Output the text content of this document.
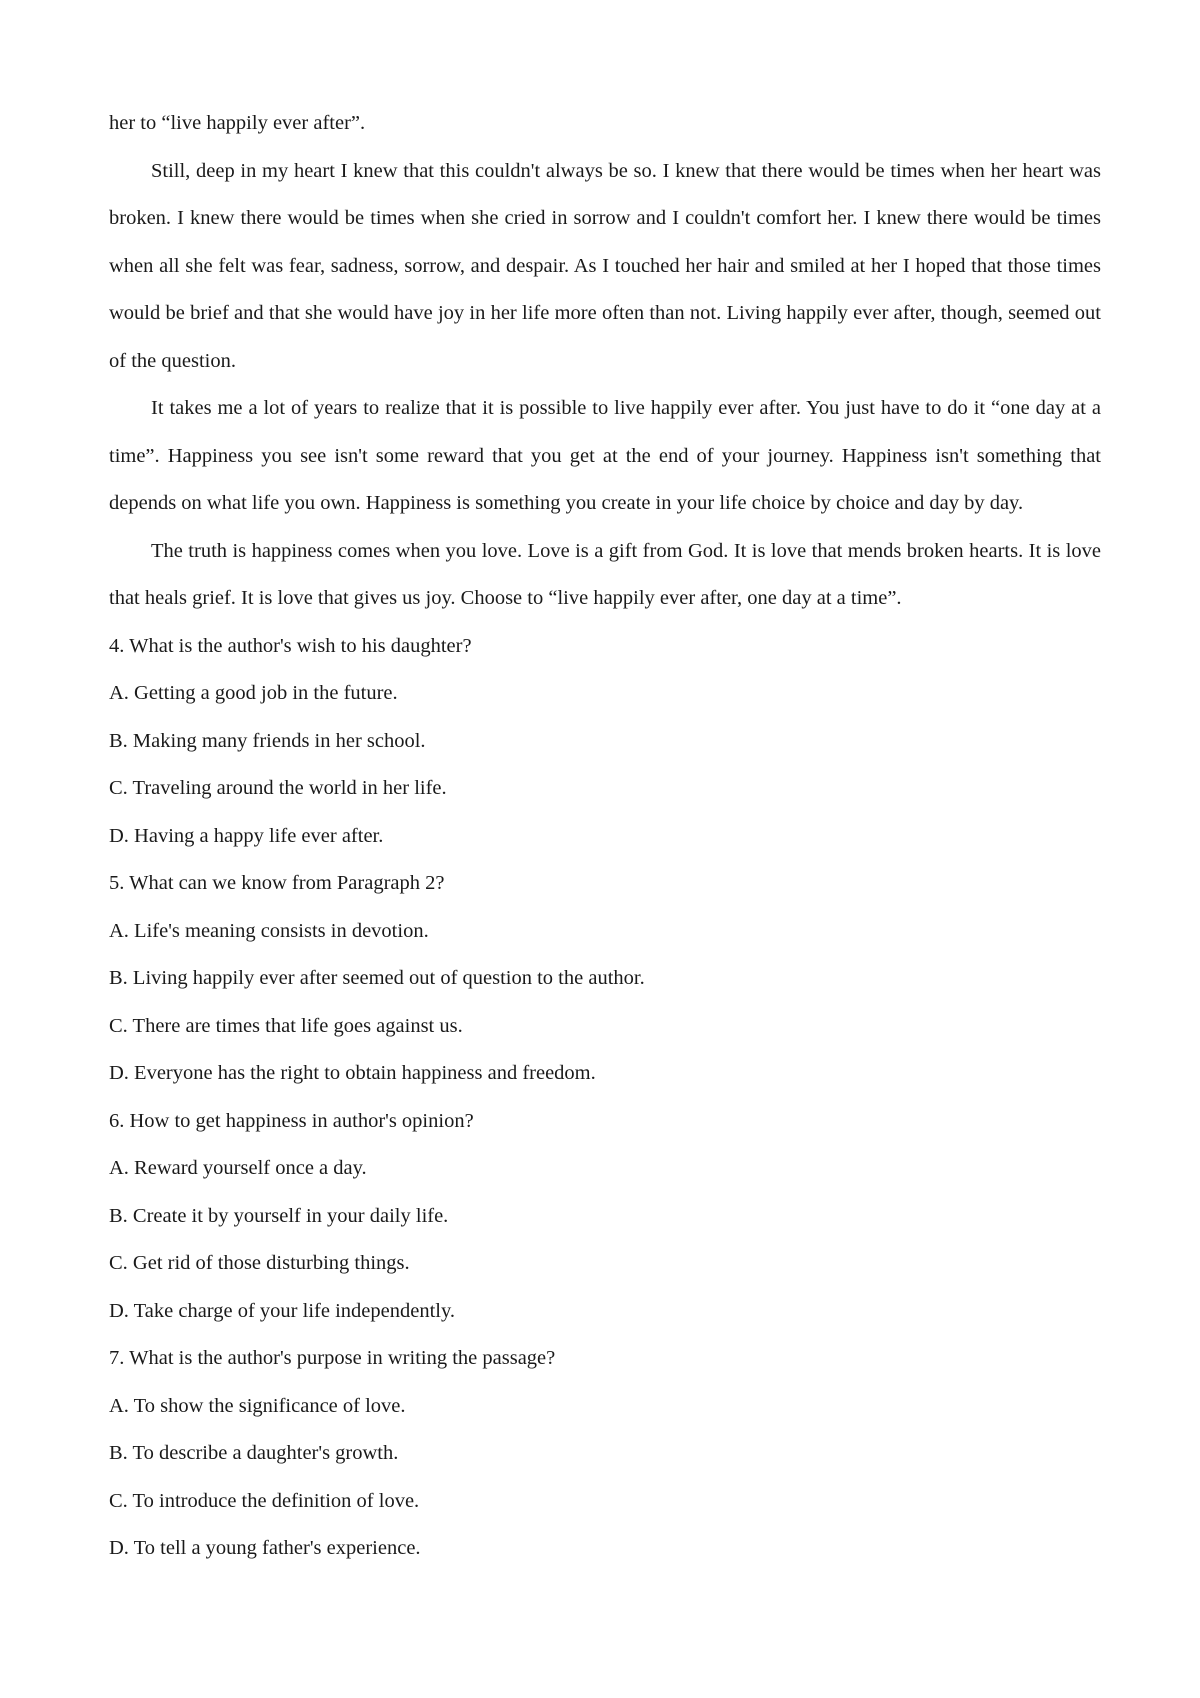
her to “live happily ever after”.

Still, deep in my heart I knew that this couldn't always be so. I knew that there would be times when her heart was broken. I knew there would be times when she cried in sorrow and I couldn't comfort her. I knew there would be times when all she felt was fear, sadness, sorrow, and despair. As I touched her hair and smiled at her I hoped that those times would be brief and that she would have joy in her life more often than not. Living happily ever after, though, seemed out of the question.

It takes me a lot of years to realize that it is possible to live happily ever after. You just have to do it “one day at a time”. Happiness you see isn't some reward that you get at the end of your journey. Happiness isn't something that depends on what life you own. Happiness is something you create in your life choice by choice and day by day.

The truth is happiness comes when you love. Love is a gift from God. It is love that mends broken hearts. It is love that heals grief. It is love that gives us joy. Choose to “live happily ever after, one day at a time”.

4. What is the author's wish to his daughter?

A. Getting a good job in the future.

B. Making many friends in her school.

C. Traveling around the world in her life.

D. Having a happy life ever after.

5. What can we know from Paragraph 2?

A. Life's meaning consists in devotion.

B. Living happily ever after seemed out of question to the author.

C. There are times that life goes against us.

D. Everyone has the right to obtain happiness and freedom.

6. How to get happiness in author's opinion?

A. Reward yourself once a day.

B. Create it by yourself in your daily life.

C. Get rid of those disturbing things.

D. Take charge of your life independently.

7. What is the author's purpose in writing the passage?

A. To show the significance of love.

B. To describe a daughter's growth.

C. To introduce the definition of love.

D. To tell a young father's experience.
